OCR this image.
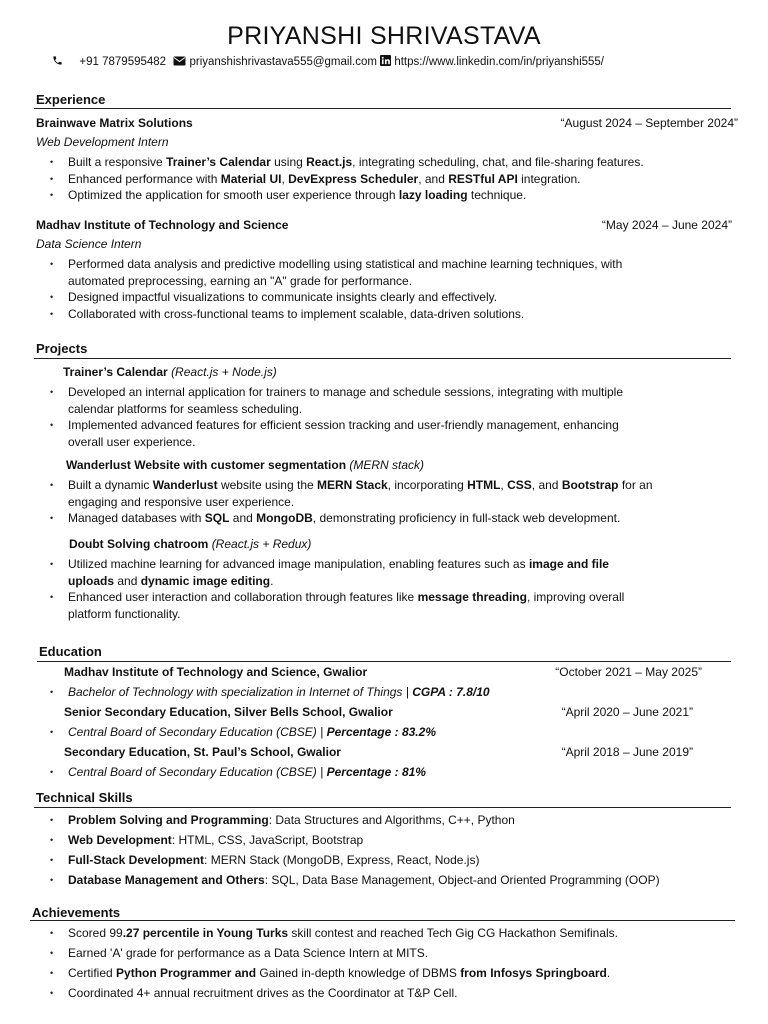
PRIYANSHI SHRIVASTAVA
+91 7879595482 priyanshishrivastava555@gmail.com https://www.linkedin.com/in/priyanshi555/
Experience
Brainwave Matrix Solutions	“August 2024 – September 2024”
Web Development Intern
• Built a responsive Trainer’s Calendar using React.js, integrating scheduling, chat, and file-sharing features.
• Enhanced performance with Material UI, DevExpress Scheduler, and RESTful API integration.
• Optimized the application for smooth user experience through lazy loading technique.
Madhav Institute of Technology and Science	“May 2024 – June 2024”
Data Science Intern
• Performed data analysis and predictive modelling using statistical and machine learning techniques, with
automated preprocessing, earning an "A" grade for performance.
• Designed impactful visualizations to communicate insights clearly and effectively.
• Collaborated with cross-functional teams to implement scalable, data-driven solutions.
Projects
Trainer’s Calendar (React.js + Node.js)
• Developed an internal application for trainers to manage and schedule sessions, integrating with multiple
calendar platforms for seamless scheduling.
• Implemented advanced features for efficient session tracking and user-friendly management, enhancing
overall user experience.
Wanderlust Website with customer segmentation (MERN stack)
• Built a dynamic Wanderlust website using the MERN Stack, incorporating HTML, CSS, and Bootstrap for an
engaging and responsive user experience.
• Managed databases with SQL and MongoDB, demonstrating proficiency in full-stack web development.
Doubt Solving chatroom (React.js + Redux)
• Utilized machine learning for advanced image manipulation, enabling features such as image and file
uploads and dynamic image editing.
• Enhanced user interaction and collaboration through features like message threading, improving overall
platform functionality.
Education
Madhav Institute of Technology and Science, Gwalior	“October 2021 – May 2025”
• Bachelor of Technology with specialization in Internet of Things | CGPA : 7.8/10
Senior Secondary Education, Silver Bells School, Gwalior	“April 2020 – June 2021”
• Central Board of Secondary Education (CBSE) | Percentage : 83.2%
Secondary Education, St. Paul’s School, Gwalior	“April 2018 – June 2019”
• Central Board of Secondary Education (CBSE) | Percentage : 81%
Technical Skills
• Problem Solving and Programming: Data Structures and Algorithms, C++, Python
• Web Development: HTML, CSS, JavaScript, Bootstrap
• Full-Stack Development: MERN Stack (MongoDB, Express, React, Node.js)
• Database Management and Others: SQL, Data Base Management, Object-and Oriented Programming (OOP)
Achievements
• Scored 99.27 percentile in Young Turks skill contest and reached Tech Gig CG Hackathon Semifinals.
• Earned 'A' grade for performance as a Data Science Intern at MITS.
• Certified Python Programmer and Gained in-depth knowledge of DBMS from Infosys Springboard.
• Coordinated 4+ annual recruitment drives as the Coordinator at T&P Cell.
